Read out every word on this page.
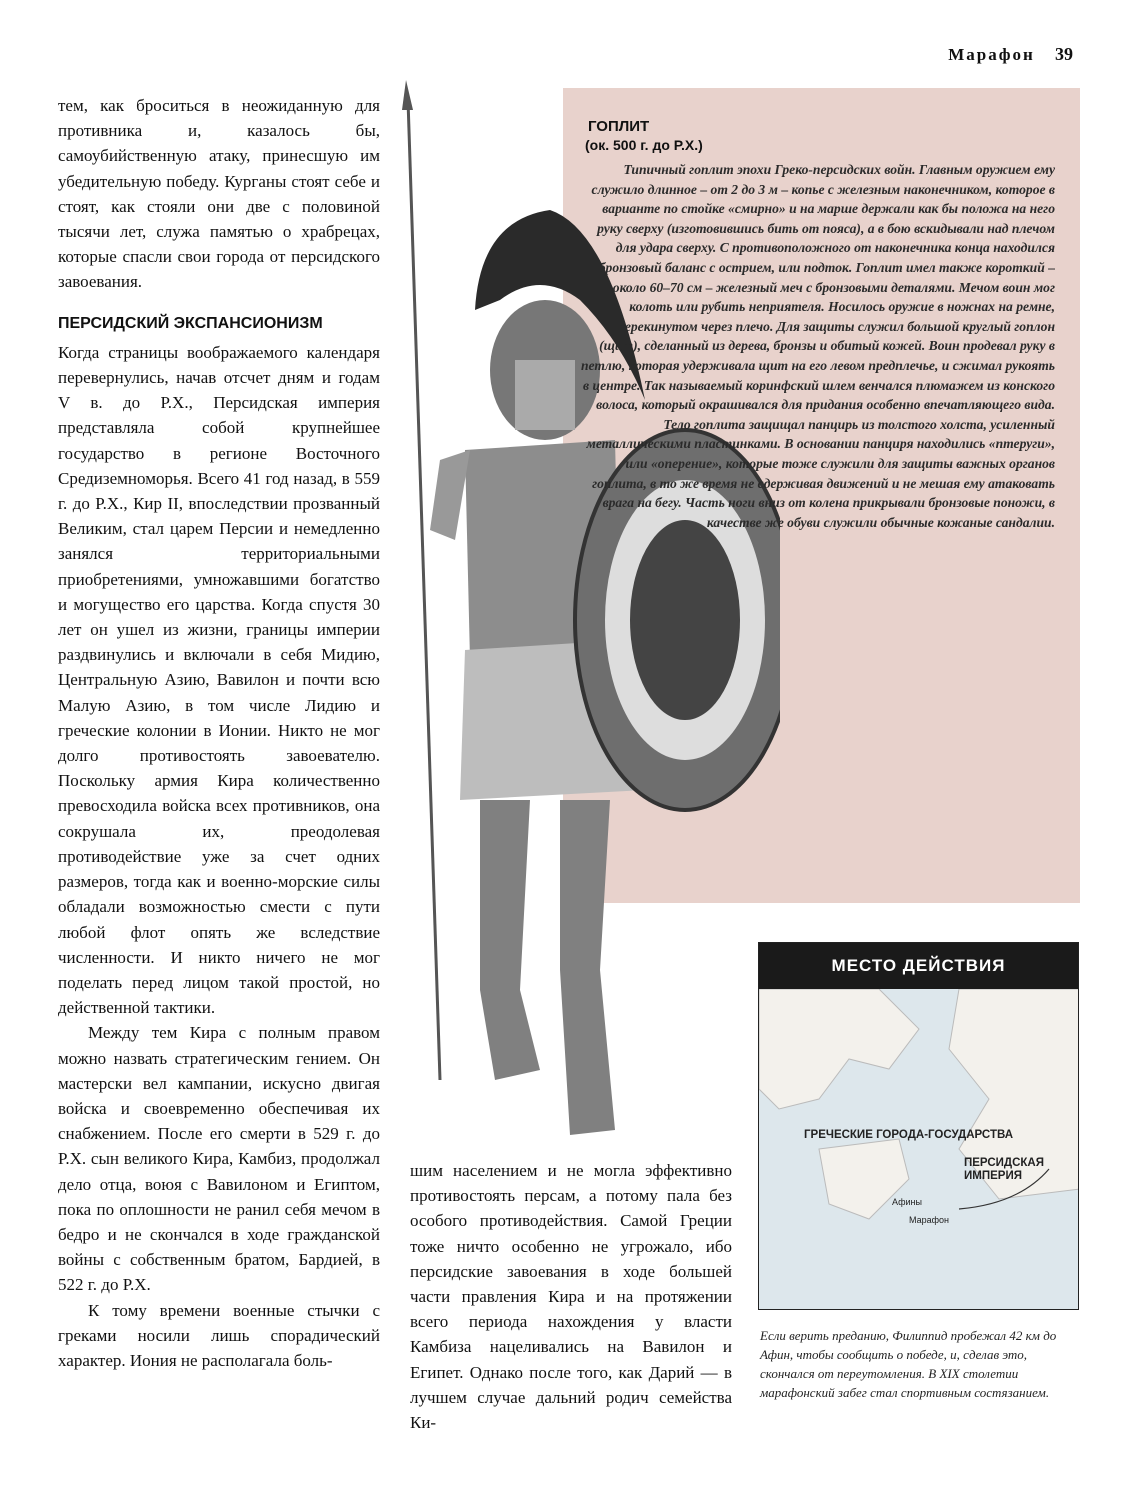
Марафон 39

тем, как броситься в неожиданную для противника и, казалось бы, самоубийственную атаку, принесшую им убедительную победу. Курганы стоят себе и стоят, как стояли они две с половиной тысячи лет, служа памятью о храбрецах, которые спасли свои города от персидского завоевания.

ПЕРСИДСКИЙ ЭКСПАНСИОНИЗМ

Когда страницы воображаемого календаря перевернулись, начав отсчет дням и годам V в. до Р.Х., Персидская империя представляла собой крупнейшее государство в регионе Восточного Средиземноморья. Всего 41 год назад, в 559 г. до Р.Х., Кир II, впоследствии прозванный Великим, стал царем Персии и немедленно занялся территориальными приобретениями, умножавшими богатство и могущество его царства. Когда спустя 30 лет он ушел из жизни, границы империи раздвинулись и включали в себя Мидию, Центральную Азию, Вавилон и почти всю Малую Азию, в том числе Лидию и греческие колонии в Ионии. Никто не мог долго противостоять завоевателю. Поскольку армия Кира количественно превосходила войска всех противников, она сокрушала их, преодолевая противодействие уже за счет одних размеров, тогда как и военно-морские силы обладали возможностью смести с пути любой флот опять же вследствие численности. И никто ничего не мог поделать перед лицом такой простой, но действенной тактики.

Между тем Кира с полным правом можно назвать стратегическим гением. Он мастерски вел кампании, искусно двигая войска и своевременно обеспечивая их снабжением. После его смерти в 529 г. до Р.Х. сын великого Кира, Камбиз, продолжал дело отца, воюя с Вавилоном и Египтом, пока по оплошности не ранил себя мечом в бедро и не скончался в ходе гражданской войны с собственным братом, Бардией, в 522 г. до Р.Х.

К тому времени военные стычки с греками носили лишь спорадический характер. Иония не располагала боль-

шим населением и не могла эффективно противостоять персам, а потому пала без особого противодействия. Самой Греции тоже ничто особенно не угрожало, ибо персидские завоевания в ходе большей части правления Кира и на протяжении всего периода нахождения у власти Камбиза нацеливались на Вавилон и Египет. Однако после того, как Дарий — в лучшем случае дальний родич семейства Ки-

ГОПЛИТ
(ок. 500 г. до Р.Х.)
Типичный гоплит эпохи Греко-персидских войн. Главным оружием ему служило длинное – от 2 до 3 м – копье с железным наконечником, которое в варианте по стойке «смирно» и на марше держали как бы положа на него руку сверху (изготовившись бить от пояса), а в бою вскидывали над плечом для удара сверху. С противоположного от наконечника конца находился бронзовый баланс с острием, или подток. Гоплит имел также короткий – около 60–70 см – железный меч с бронзовыми деталями. Мечом воин мог колоть или рубить неприятеля. Носилось оружие в ножнах на ремне, перекинутом через плечо. Для защиты служил большой круглый гоплон (щит), сделанный из дерева, бронзы и обитый кожей. Воин продевал руку в петлю, которая удерживала щит на его левом предплечье, и сжимал рукоять в центре. Так называемый коринфский шлем венчался плюмажем из конского волоса, который окрашивался для придания особенно впечатляющего вида. Тело гоплита защищал панцирь из толстого холста, усиленный металлическими пластинками. В основании панциря находились «птеруги», или «оперение», которые тоже служили для защиты важных органов гоплита, в то же время не сдерживая движений и не мешая ему атаковать врага на бегу. Часть ноги вниз от колена прикрывали бронзовые поножи, в качестве же обуви служили обычные кожаные сандалии.
МЕСТО ДЕЙСТВИЯ
ГРЕЧЕСКИЕ ГОРОДА-ГОСУДАРСТВА
ПЕРСИДСКАЯ ИМПЕРИЯ
Афины
Марафон
Если верить преданию, Филиппид пробежал 42 км до Афин, чтобы сообщить о победе, и, сделав это, скончался от переутомления. В XIX столетии марафонский забег стал спортивным состязанием.
